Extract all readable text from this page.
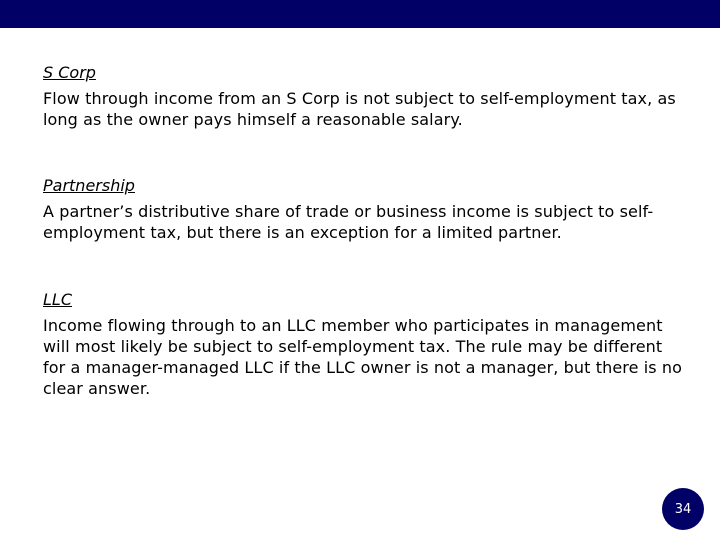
S Corp

Flow through income from an S Corp is not subject to self-employment tax, as long as the owner pays himself a reasonable salary.

Partnership

A partner’s distributive share of trade or business income is subject to self-employment tax, but there is an exception for a limited partner.

LLC

Income flowing through to an LLC member who participates in management will most likely be subject to self-employment tax. The rule may be different for a manager-managed LLC if the LLC owner is not a manager, but there is no clear answer.

34
